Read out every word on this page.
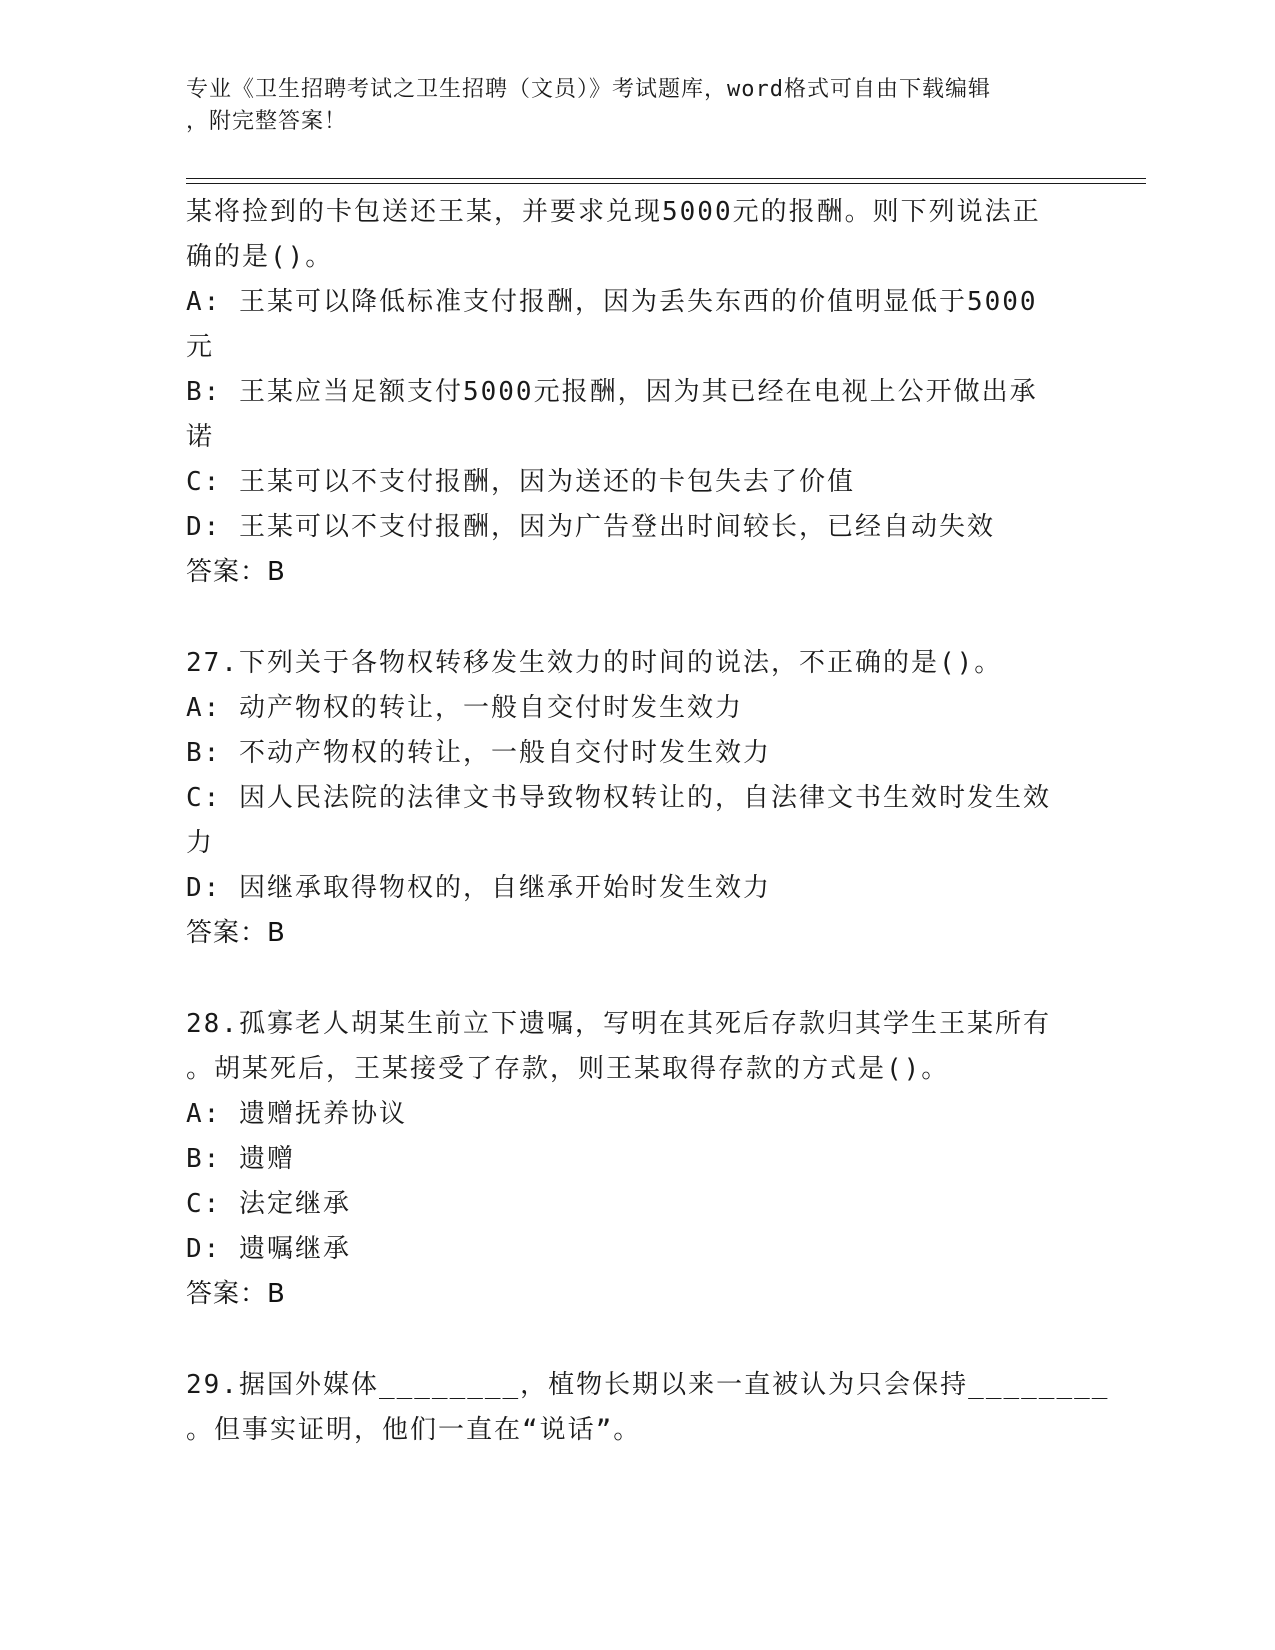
专业《卫生招聘考试之卫生招聘（文员）》考试题库，word格式可自由下载编辑
，附完整答案！
某将捡到的卡包送还王某，并要求兑现5000元的报酬。则下列说法正
确的是()。
A: 王某可以降低标准支付报酬，因为丢失东西的价值明显低于5000
元
B: 王某应当足额支付5000元报酬，因为其已经在电视上公开做出承
诺
C: 王某可以不支付报酬，因为送还的卡包失去了价值
D: 王某可以不支付报酬，因为广告登出时间较长，已经自动失效
答案：B
27.下列关于各物权转移发生效力的时间的说法，不正确的是()。
A: 动产物权的转让，一般自交付时发生效力
B: 不动产物权的转让，一般自交付时发生效力
C: 因人民法院的法律文书导致物权转让的，自法律文书生效时发生效
力
D: 因继承取得物权的，自继承开始时发生效力
答案：B
28.孤寡老人胡某生前立下遗嘱，写明在其死后存款归其学生王某所有
。胡某死后，王某接受了存款，则王某取得存款的方式是()。
A: 遗赠抚养协议
B: 遗赠
C: 法定继承
D: 遗嘱继承
答案：B
29.据国外媒体________，植物长期以来一直被认为只会保持________
。但事实证明，他们一直在“说话”。
